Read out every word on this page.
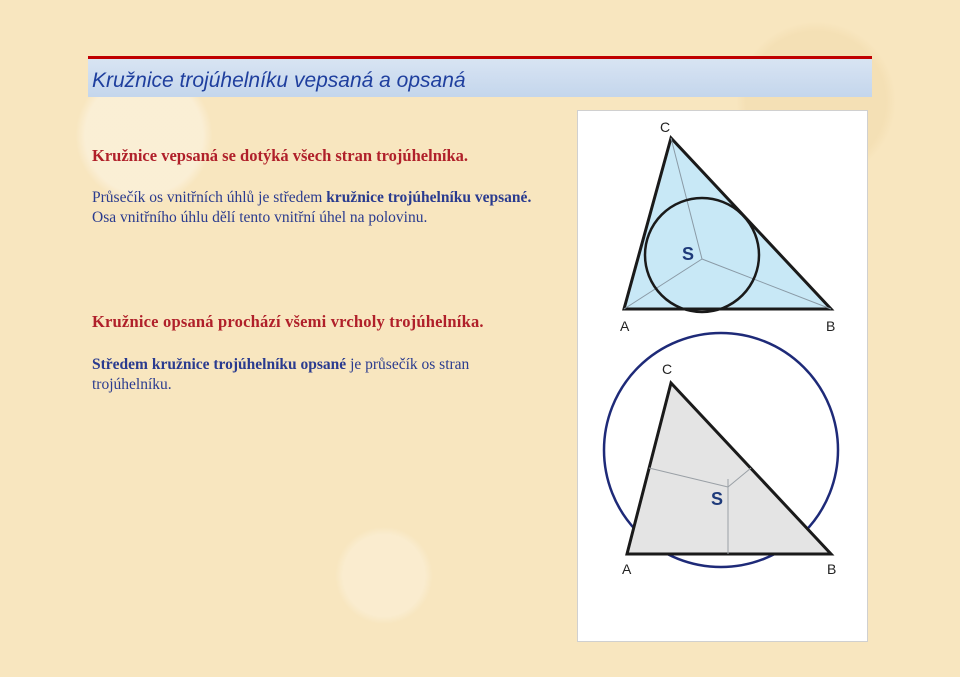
Kružnice trojúhelníku vepsaná a opsaná
Kružnice vepsaná se dotýká všech stran trojúhelníka.
Průsečík os vnitřních úhlů je středem kružnice trojúhelníku vepsané.
Osa vnitřního úhlu dělí tento vnitřní úhel na polovinu.
Kružnice opsaná prochází všemi vrcholy trojúhelníka.
Středem kružnice trojúhelníku opsané je průsečík os stran trojúhelníku.
C
A	B
S
C
A	B
S
